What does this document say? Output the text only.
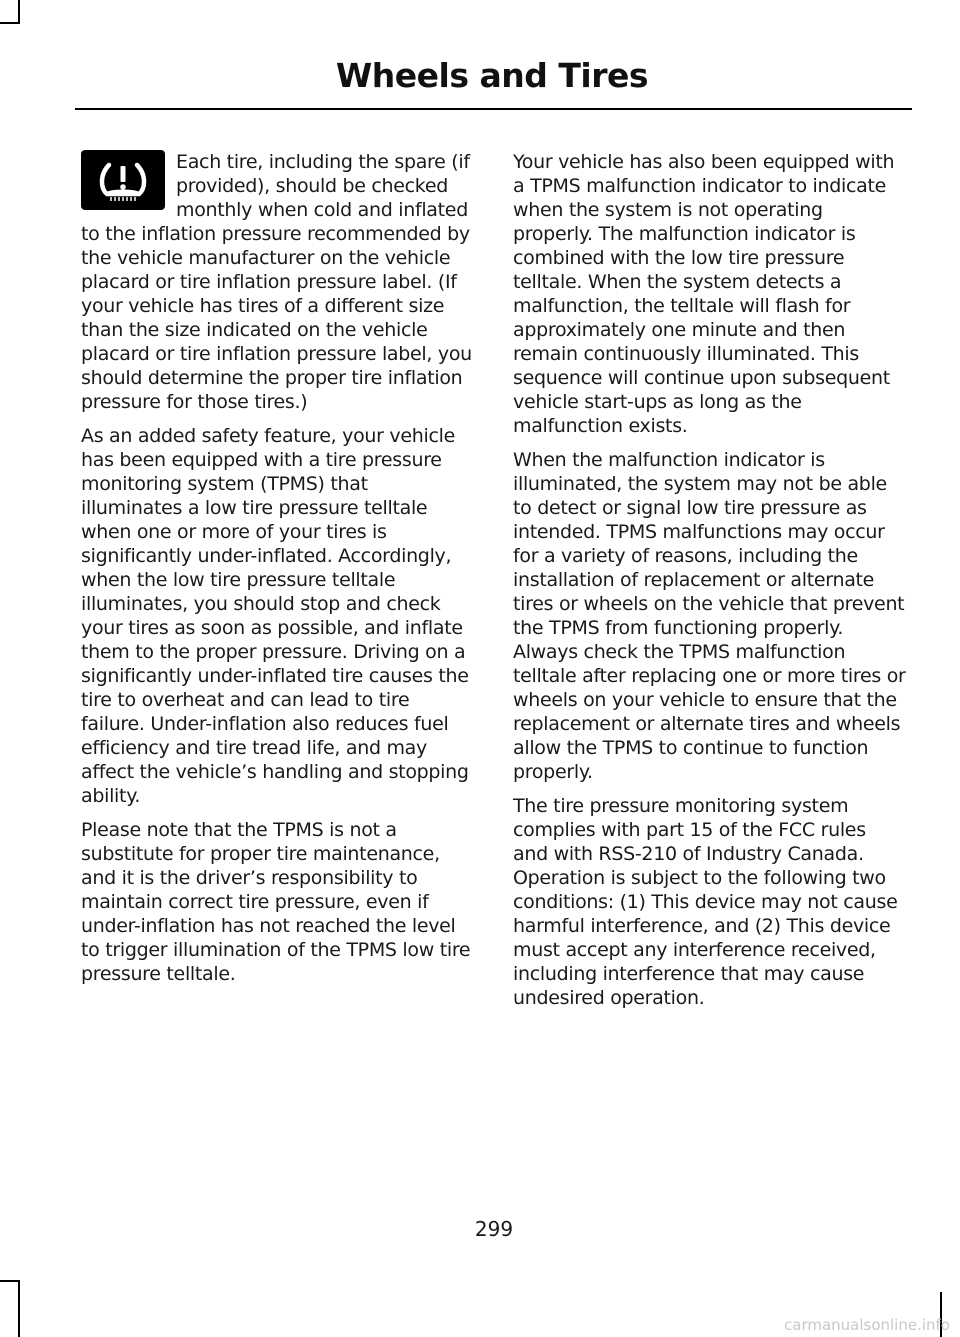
Wheels and Tires

Each tire, including the spare (if provided), should be checked monthly when cold and inflated to the inflation pressure recommended by the vehicle manufacturer on the vehicle placard or tire inflation pressure label. (If your vehicle has tires of a different size than the size indicated on the vehicle placard or tire inflation pressure label, you should determine the proper tire inflation pressure for those tires.)

As an added safety feature, your vehicle has been equipped with a tire pressure monitoring system (TPMS) that illuminates a low tire pressure telltale when one or more of your tires is significantly under-inflated. Accordingly, when the low tire pressure telltale illuminates, you should stop and check your tires as soon as possible, and inflate them to the proper pressure. Driving on a significantly under-inflated tire causes the tire to overheat and can lead to tire failure. Under-inflation also reduces fuel efficiency and tire tread life, and may affect the vehicle’s handling and stopping ability.

Please note that the TPMS is not a substitute for proper tire maintenance, and it is the driver’s responsibility to maintain correct tire pressure, even if under-inflation has not reached the level to trigger illumination of the TPMS low tire pressure telltale.

Your vehicle has also been equipped with a TPMS malfunction indicator to indicate when the system is not operating properly. The malfunction indicator is combined with the low tire pressure telltale. When the system detects a malfunction, the telltale will flash for approximately one minute and then remain continuously illuminated. This sequence will continue upon subsequent vehicle start-ups as long as the malfunction exists.

When the malfunction indicator is illuminated, the system may not be able to detect or signal low tire pressure as intended. TPMS malfunctions may occur for a variety of reasons, including the installation of replacement or alternate tires or wheels on the vehicle that prevent the TPMS from functioning properly. Always check the TPMS malfunction telltale after replacing one or more tires or wheels on your vehicle to ensure that the replacement or alternate tires and wheels allow the TPMS to continue to function properly.

The tire pressure monitoring system complies with part 15 of the FCC rules and with RSS-210 of Industry Canada. Operation is subject to the following two conditions: (1) This device may not cause harmful interference, and (2) This device must accept any interference received, including interference that may cause undesired operation.

299
carmanualsonline.info
